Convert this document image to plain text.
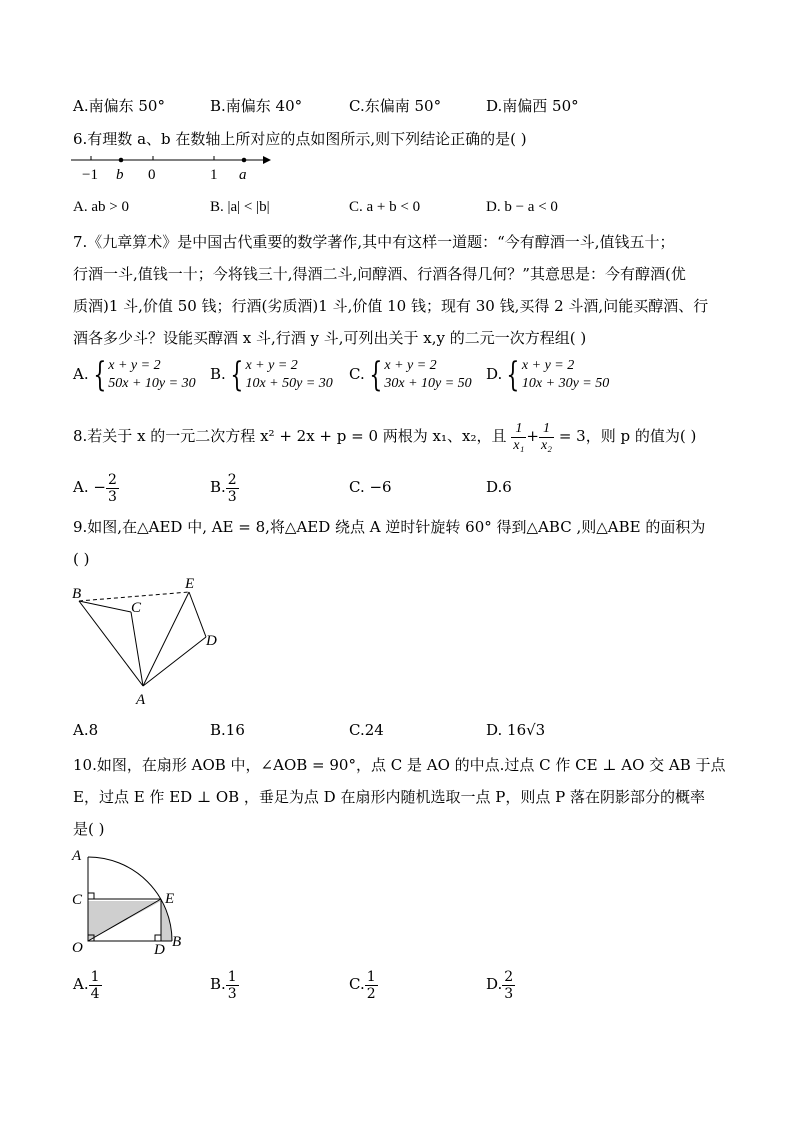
A.南偏东 50°	B.南偏东 40°	C.东偏南 50°	D.南偏西 50°
6.有理数 a、b 在数轴上所对应的点如图所示,则下列结论正确的是( )
−1 b 0	1 a
A. ab > 0	B. |a| < |b|	C. a + b < 0	D. b − a < 0
7.《九章算术》是中国古代重要的数学著作,其中有这样一道题：“今有醇酒一斗,值钱五十；
行酒一斗,值钱一十；今将钱三十,得酒二斗,问醇酒、行酒各得几何？”其意思是：今有醇酒(优
质酒)1 斗,价值 50 钱；行酒(劣质酒)1 斗,价值 10 钱；现有 30 钱,买得 2 斗酒,问能买醇酒、行
酒各多少斗？设能买醇酒 x 斗,行酒 y 斗,可列出关于 x,y 的二元一次方程组( )
A. { x + y = 2
50x + 10y = 30
B. { x + y = 2
10x + 50y = 30
C. { x + y = 2
30x + 10y = 50
D. { x + y = 2
10x + 30y = 50
8.若关于 x 的一元二次方程 x² + 2x + p = 0 两根为 x₁、x₂，且 $\frac{1}{\text{x₁}} + \frac{1}{\text{x₂}} = 3$，则 p 的值为( )
A. − $\frac{2}{3}$	B. $\frac{2}{3}$	C. −6	D.6
9.如图,在△AED 中, AE = 8,将△AED 绕点 A 逆时针旋转 60° 得到△ABC ,则△ABE 的面积为
( )
B
C
E
D
A
A.8	B.16	C.24	D. 16√3
10.如图，在扇形 AOB 中，∠AOB = 90°，点 C 是 AO 的中点.过点 C 作 CE ⊥ AO 交 AB 于点
E，过点 E 作 ED ⊥ OB ，垂足为点 D 在扇形内随机选取一点 P，则点 P 落在阴影部分的概率
是( )
A
C
O
E
D B
A. $\frac{1}{4}$	B. $\frac{1}{3}$	C. $\frac{1}{2}$	D. $\frac{2}{3}$
